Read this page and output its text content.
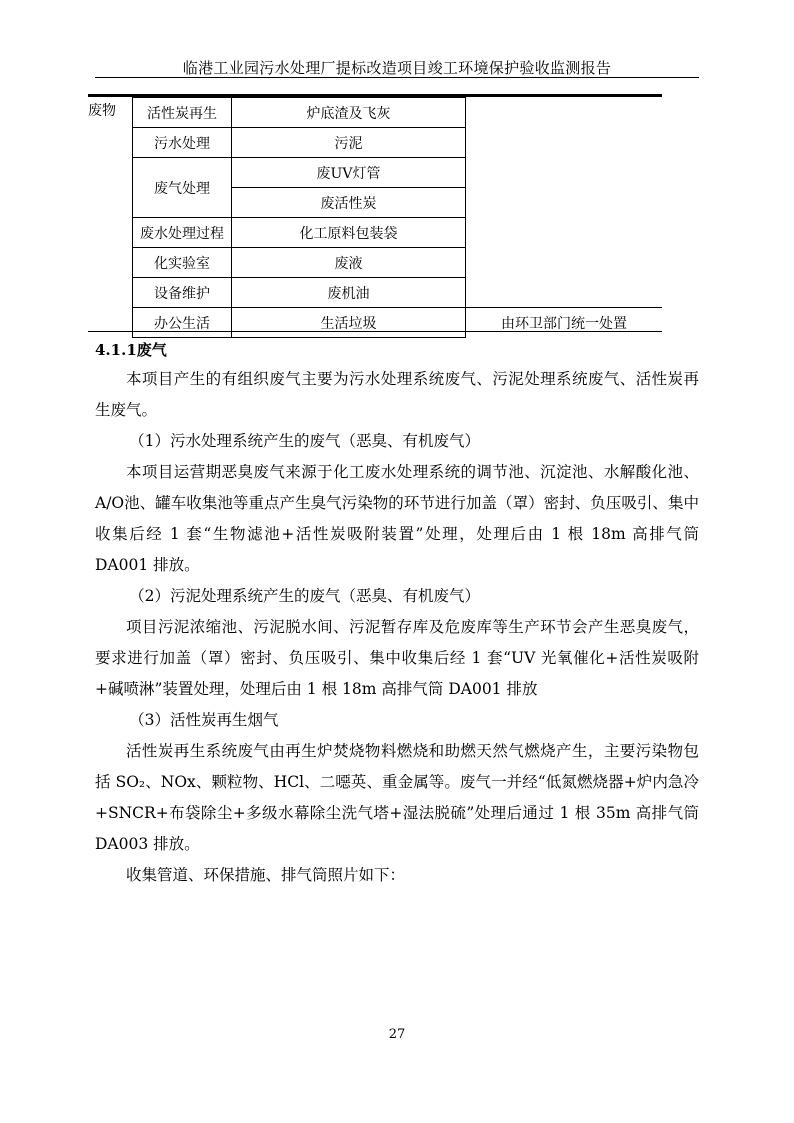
临港工业园污水处理厂提标改造项目竣工环境保护验收监测报告
废物	活性炭再生	炉底渣及飞灰	
	污水处理	污泥	
	废气处理	废UV灯管	
		废活性炭	
	废水处理过程	化工原料包装袋	
	化实验室	废液	
	设备维护	废机油	
	办公生活	生活垃圾	由环卫部门统一处置
4.1.1废气

本项目产生的有组织废气主要为污水处理系统废气、污泥处理系统废气、活性炭再生废气。

（1）污水处理系统产生的废气（恶臭、有机废气）

本项目运营期恶臭废气来源于化工废水处理系统的调节池、沉淀池、水解酸化池、A/O池、罐车收集池等重点产生臭气污染物的环节进行加盖（罩）密封、负压吸引、集中收集后经 1 套“生物滤池+活性炭吸附装置”处理，处理后由 1 根 18m 高排气筒 DA001 排放。

（2）污泥处理系统产生的废气（恶臭、有机废气）

项目污泥浓缩池、污泥脱水间、污泥暂存库及危废库等生产环节会产生恶臭废气，要求进行加盖（罩）密封、负压吸引、集中收集后经 1 套“UV 光氧催化+活性炭吸附+碱喷淋”装置处理，处理后由 1 根 18m 高排气筒 DA001 排放

（3）活性炭再生烟气

活性炭再生系统废气由再生炉焚烧物料燃烧和助燃天然气燃烧产生，主要污染物包括 SO₂、NOx、颗粒物、HCl、二噁英、重金属等。废气一并经“低氮燃烧器+炉内急冷+SNCR+布袋除尘+多级水幕除尘洗气塔+湿法脱硫”处理后通过 1 根 35m 高排气筒 DA003 排放。

收集管道、环保措施、排气筒照片如下：

27
